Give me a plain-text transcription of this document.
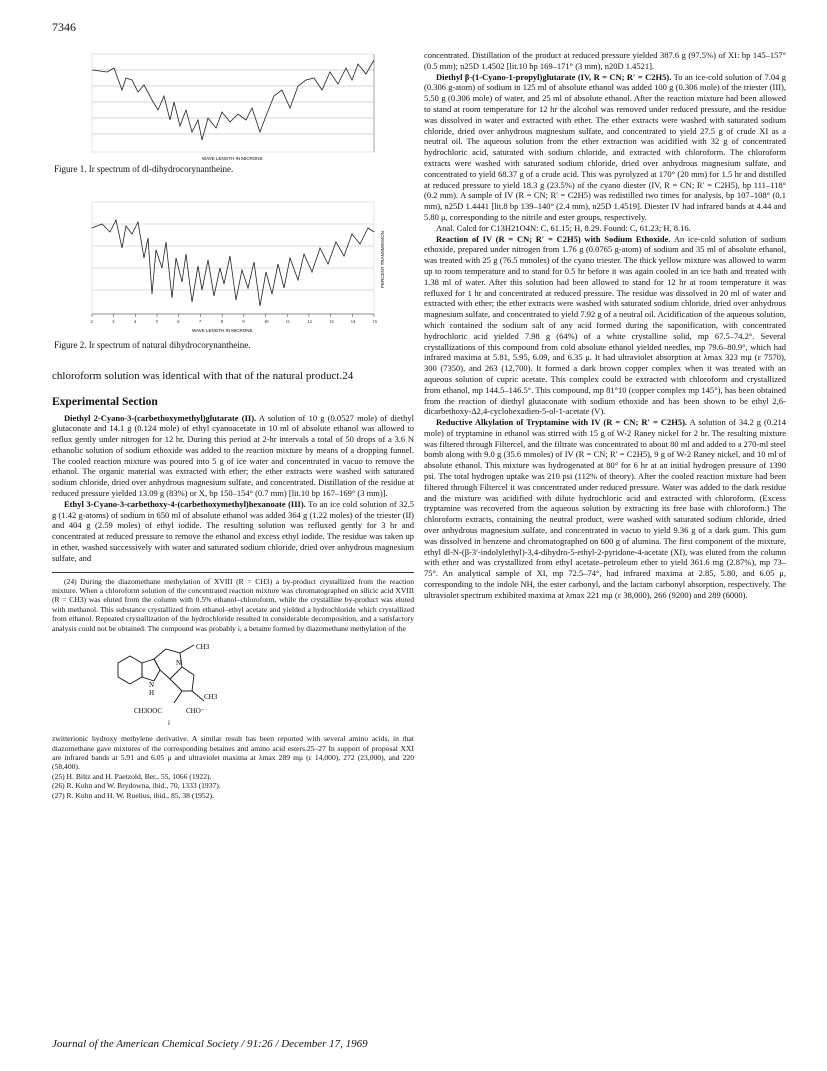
7346
WAVE LENGTH IN MICRONS
Figure 1. Ir spectrum of dl-dihydrocorynantheine.
2	3	4	5	6	7	8	9	10	11	12	13	14	15
WAVE LENGTH IN MICRONS
PERCENT TRANSMISSION
Figure 2. Ir spectrum of natural dihydrocorynantheine.

chloroform solution was identical with that of the natural product.24

Experimental Section

Diethyl 2-Cyano-3-(carbethoxymethyl)glutarate (II). A solution of 10 g (0.0527 mole) of diethyl glutaconate and 14.1 g (0.124 mole) of ethyl cyanoacetate in 10 ml of absolute ethanol was allowed to reflux gently under nitrogen for 12 hr. During this period at 2-hr intervals a total of 50 drops of a 3.6 N ethanolic solution of sodium ethoxide was added to the reaction mixture by means of a dropping funnel. The cooled reaction mixture was poured into 5 g of ice water and concentrated in vacuo to remove the ethanol. The organic material was extracted with ether; the ether extracts were washed with saturated sodium chloride, dried over anhydrous magnesium sulfate, and concentrated. Distillation of the residue at reduced pressure yielded 13.09 g (83%) or X, bp 150–154° (0.7 mm) [lit.10 bp 167–169° (3 mm)].

Ethyl 3-Cyano-3-carbethoxy-4-(carbethoxymethyl)hexanoate (III). To an ice cold solution of 32.5 g (1.42 g-atoms) of sodium in 650 ml of absolute ethanol was added 364 g (1.22 moles) of the triester (II) and 404 g (2.59 moles) of ethyl iodide. The resulting solution was refluxed gently for 3 hr and concentrated at reduced pressure to remove the ethanol and excess ethyl iodide. The residue was taken up in ether, washed successively with water and saturated sodium chloride, dried over anhydrous magnesium sulfate, and

(24) During the diazomethane methylation of XVIII (R = CH3) a by-product crystallized from the reaction mixture. When a chloroform solution of the concentrated reaction mixture was chromatographed on silicic acid XVIII (R = CH3) was eluted from the column with 0.5% ethanol–chloroform, while the crystalline by-product was eluted with methanol. This substance crystallized from ethanol–ethyl acetate and yielded a hydrochloride which crystallized from ethanol. Repeated crystallization of the hydrochloride resulted in considerable decomposition, and a satisfactory analysis could not be obtained. The compound was probably i, a betaine formed by diazomethane methylation of the

CH3
N
N
H	CH3
CH3OOC	CHO⁻
i

zwitterionic hydroxy methylene derivative. A similar result has been reported with several amino acids, in that diazomethane gave mixtures of the corresponding betaines and amino acid esters.25–27 In support of proposal XXI are infrared bands at 5.91 and 6.05 μ and ultraviolet maxima at λmax 289 mμ (ε 14,000), 272 (23,000), and 220 (58,400).

(25) H. Biltz and H. Paetzold, Ber., 55, 1066 (1922).

(26) R. Kuhn and W. Brydowna, ibid., 70, 1333 (1937).

(27) R. Kuhn and H. W. Ruelius, ibid., 85, 38 (1952).

concentrated. Distillation of the product at reduced pressure yielded 387.6 g (97.5%) of XI: bp 145–157° (0.5 mm); n25D 1.4502 [lit.10 bp 169–171° (3 mm), n20D 1.4521].

Diethyl β-(1-Cyano-1-propyl)glutarate (IV, R = CN; R′ = C2H5). To an ice-cold solution of 7.04 g (0.306 g-atom) of sodium in 125 ml of absolute ethanol was added 100 g (0.306 mole) of the triester (III), 5.50 g (0.306 mole) of water, and 25 ml of absolute ethanol. After the reaction mixture had been allowed to stand at room temperature for 12 hr the alcohol was removed under reduced pressure, and the residue was dissolved in water and extracted with ether. The ether extracts were washed with saturated sodium chloride, dried over anhydrous magnesium sulfate, and concentrated to yield 27.5 g of crude XI as a neutral oil. The aqueous solution from the ether extraction was acidified with 32 g of concentrated hydrochloric acid, saturated with sodium chloride, and extracted with chloroform. The chloroform extracts were washed with saturated sodium chloride, dried over anhydrous magnesium sulfate, and concentrated to yield 68.37 g of a crude acid. This was pyrolyzed at 170° (20 mm) for 1.5 hr and distilled at reduced pressure to yield 18.3 g (23.5%) of the cyano diester (IV, R = CN; R′ = C2H5), bp 111–118° (0.2 mm). A sample of IV (R = CN; R′ = C2H5) was redistilled two times for analysis, bp 107–108° (0.1 mm), n25D 1.4441 [lit.8 bp 139–140° (2.4 mm), n25D 1.4519]. Diester IV had infrared bands at 4.44 and 5.80 μ, corresponding to the nitrile and ester groups, respectively.

Anal. Calcd for C13H21O4N: C, 61.15; H, 8.29. Found: C, 61.23; H, 8.16.

Reaction of IV (R = CN; R′ = C2H5) with Sodium Ethoxide. An ice-cold solution of sodium ethoxide, prepared under nitrogen from 1.76 g (0.0765 g-atom) of sodium and 35 ml of absolute ethanol, was treated with 25 g (76.5 mmoles) of the cyano triester. The thick yellow mixture was allowed to warm up to room temperature and to stand for 0.5 hr before it was again cooled in an ice bath and treated with 1.38 ml of water. After this solution had been allowed to stand for 12 hr at room temperature it was refluxed for 1 hr and concentrated at reduced pressure. The residue was dissolved in 20 ml of water and extracted with ether; the ether extracts were washed with saturated sodium chloride, dried over anhydrous magnesium sulfate, and concentrated to yield 7.92 g of a neutral oil. Acidification of the aqueous solution, which contained the sodium salt of any acid formed during the saponification, with concentrated hydrochloric acid yielded 7.98 g (64%) of a white crystalline solid, mp 67.5–74.2°. Several crystallizations of this compound from cold absolute ethanol yielded needles, mp 79.6–80.9°, which had infrared maxima at 5.81, 5.95, 6.09, and 6.35 μ. It had ultraviolet absorption at λmax 323 mμ (ε 7570), 300 (7350), and 263 (12,700). It formed a dark brown copper complex when it was treated with an aqueous solution of cupric acetate. This complex could be extracted with chloroform and crystallized from ethanol, mp 144.5–146.5°. This compound, mp 81°10 (copper complex mp 145°), has been obtained from the reaction of diethyl glutaconate with sodium ethoxide and has been shown to be ethyl 2,6-dicarbethoxy-Δ2,4-cyclohexadien-5-ol-1-acetate (V).

Reductive Alkylation of Tryptamine with IV (R = CN; R′ = C2H5). A solution of 34.2 g (0.214 mole) of tryptamine in ethanol was stirred with 15 g of W-2 Raney nickel for 2 hr. The resulting mixture was filtered through Filtercel, and the filtrate was concentrated to about 80 ml and added to a 270-ml steel bomb along with 9.0 g (35.6 mmoles) of IV (R = CN; R′ = C2H5), 9 g of W-2 Raney nickel, and 10 ml of absolute ethanol. This mixture was hydrogenated at 80° for 6 hr at an initial hydrogen pressure of 1390 psi. The total hydrogen uptake was 210 psi (112% of theory). After the cooled reaction mixture had been filtered through Filtercel it was concentrated under reduced pressure. Water was added to the dark residue and the mixture was acidified with dilute hydrochloric acid and extracted with chloroform. (Excess tryptamine was recovered from the aqueous solution by extracting its free base with chloroform.) The chloroform extracts, containing the neutral product, were washed with saturated sodium chloride, dried over anhydrous magnesium sulfate, and concentrated in vacuo to yield 9.36 g of a dark gum. This gum was dissolved in benzene and chromatographed on 600 g of alumina. The first component of the mixture, ethyl dl-N-(β-3′-indolylethyl)-3,4-dihydro-5-ethyl-2-pyridone-4-acetate (XI), was eluted from the column with ether and was crystallized from ethyl acetate–petroleum ether to yield 361.6 mg (2.87%), mp 73–75°. An analytical sample of XI, mp 72.5–74°, had infrared maxima at 2.85, 5.80, and 6.05 μ, corresponding to the indole NH, the ester carbonyl, and the lactam carbonyl absorption, respectively. The ultraviolet spectrum exhibited maxima at λmax 221 mμ (ε 38,000), 266 (9200) and 289 (6000).

Journal of the American Chemical Society / 91:26 / December 17, 1969
